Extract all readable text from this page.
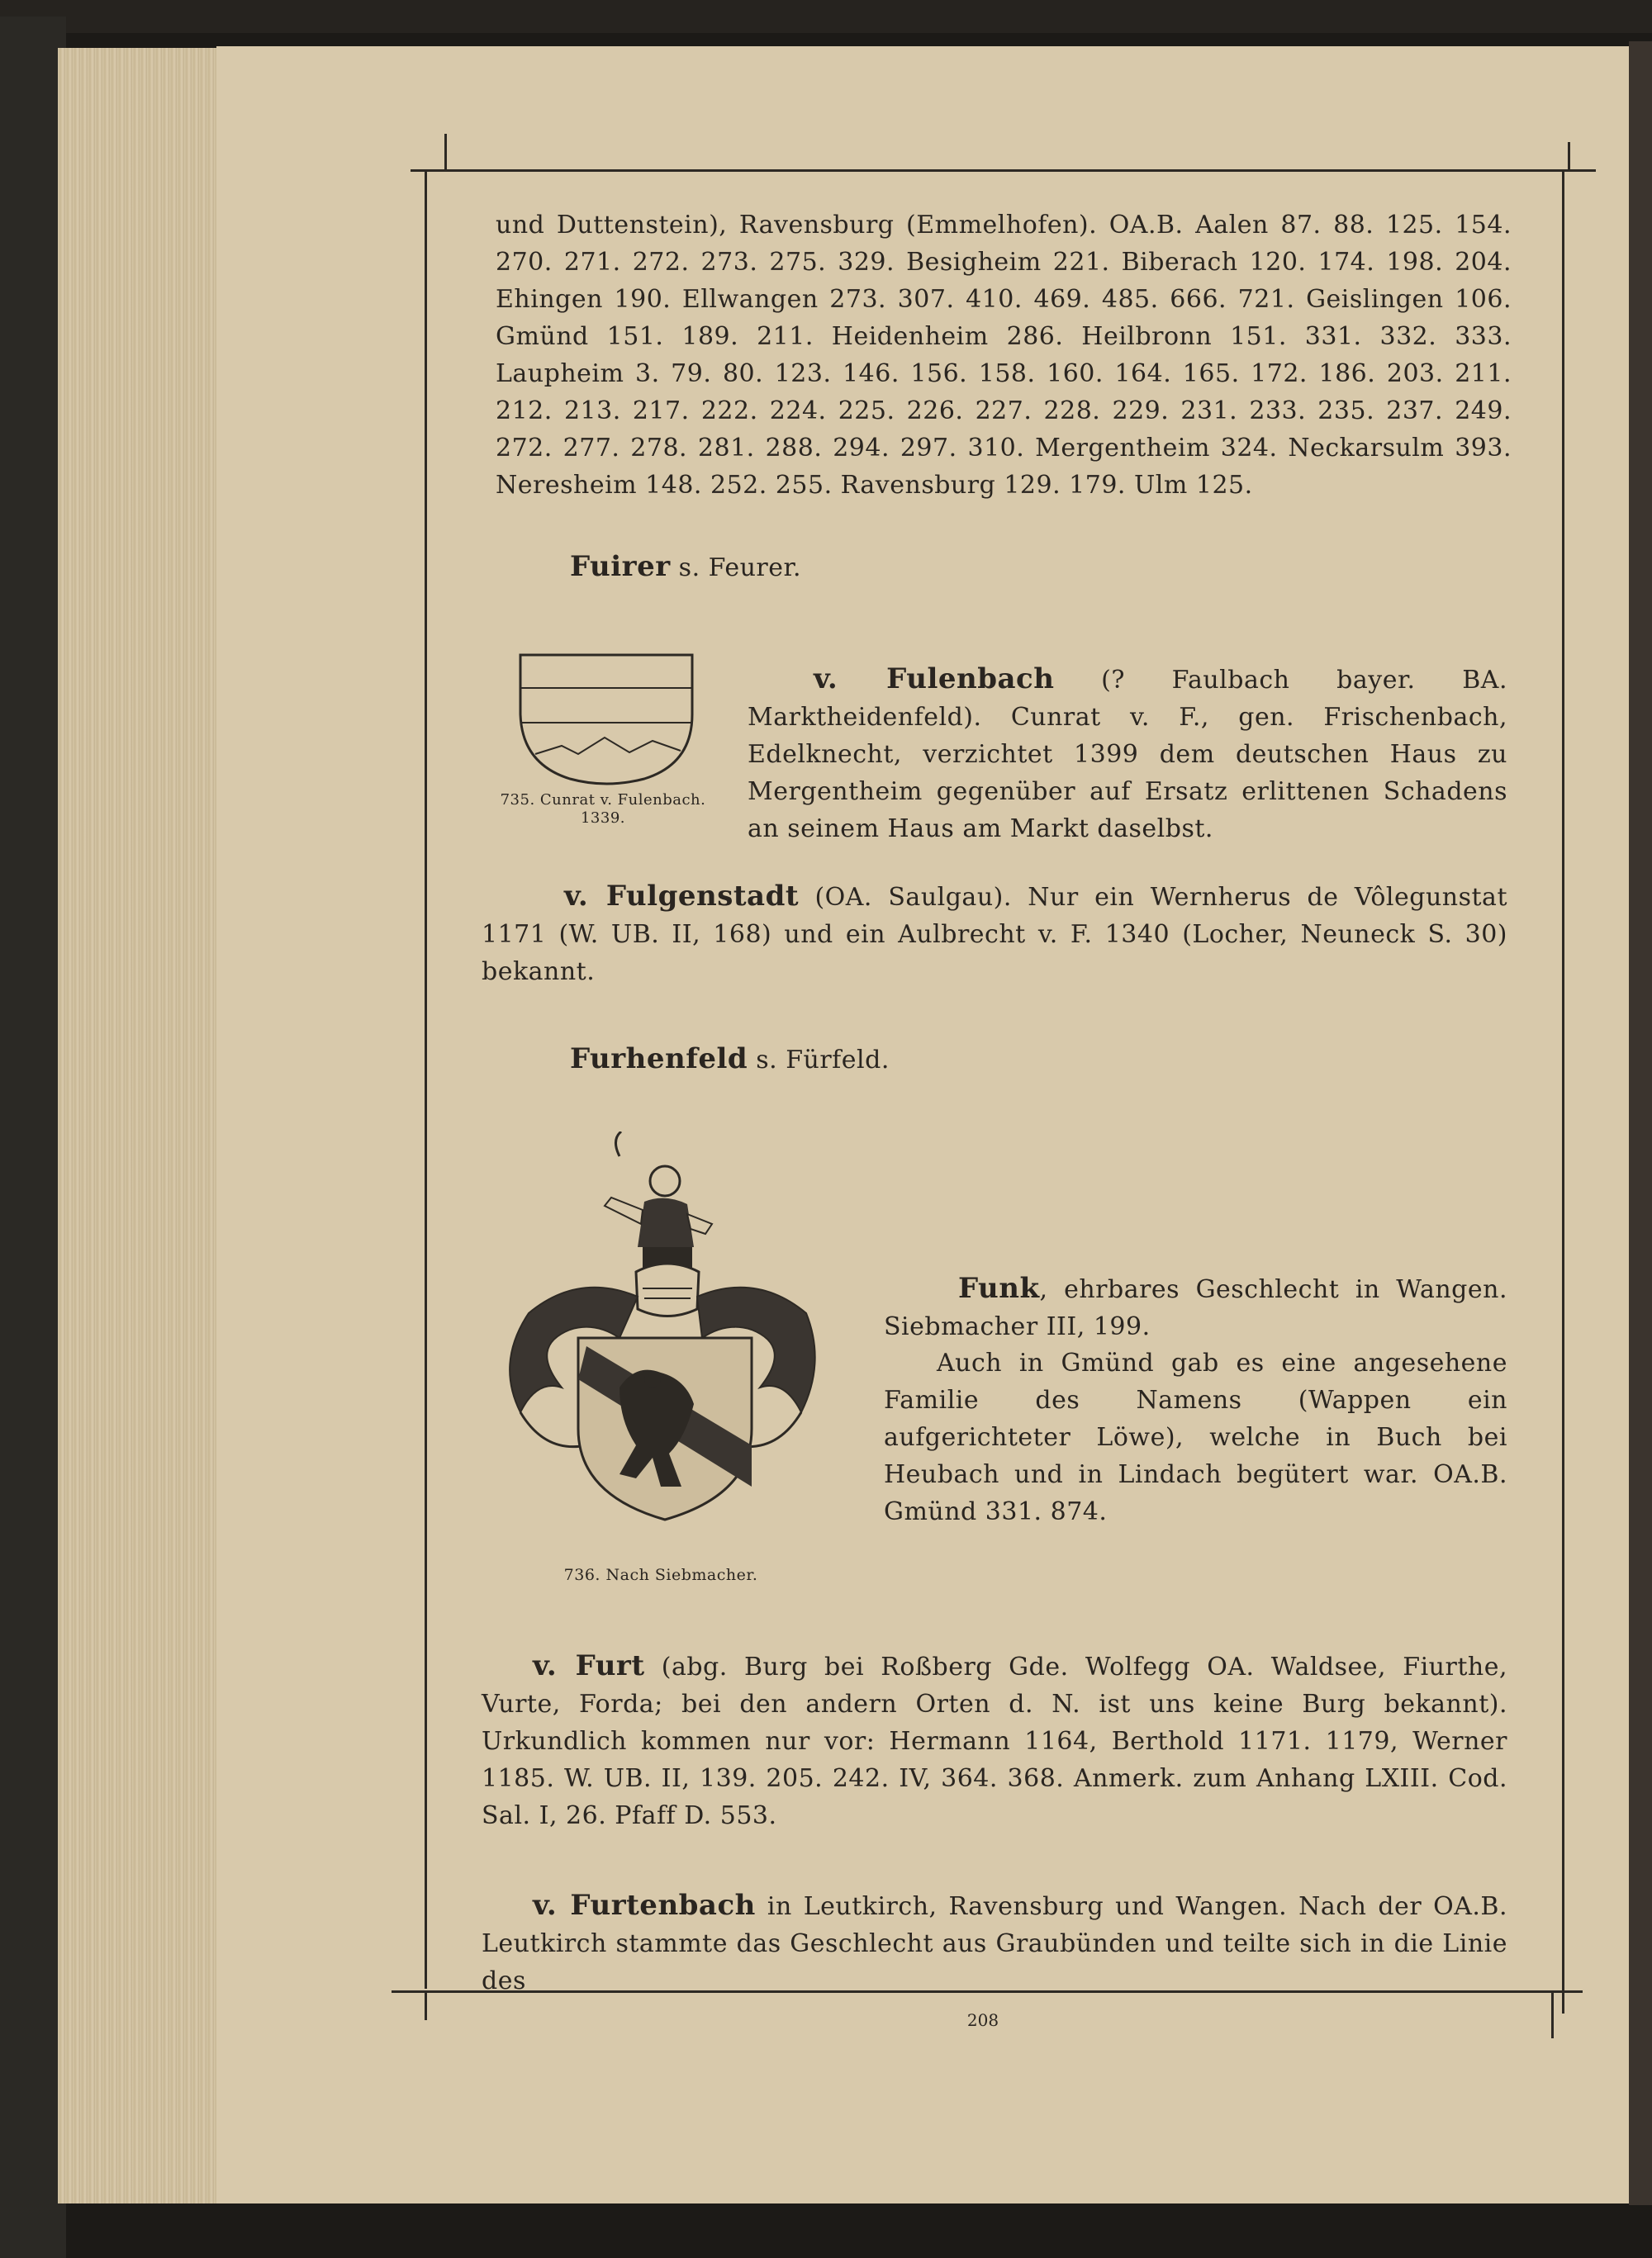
und Duttenstein), Ravensburg (Emmelhofen). OA.B. Aalen 87. 88. 125. 154. 270. 271. 272. 273. 275. 329. Besigheim 221. Biberach 120. 174. 198. 204. Ehingen 190. Ellwangen 273. 307. 410. 469. 485. 666. 721. Geislingen 106. Gmünd 151. 189. 211. Heidenheim 286. Heilbronn 151. 331. 332. 333. Laupheim 3. 79. 80. 123. 146. 156. 158. 160. 164. 165. 172. 186. 203. 211. 212. 213. 217. 222. 224. 225. 226. 227. 228. 229. 231. 233. 235. 237. 249. 272. 277. 278. 281. 288. 294. 297. 310. Mergentheim 324. Neckarsulm 393. Neresheim 148. 252. 255. Ravensburg 129. 179. Ulm 125.
Fuirer s. Feurer.
735. Cunrat v. Fulenbach. 1339.
v. Fulenbach (? Faulbach bayer. BA. Marktheidenfeld). Cunrat v. F., gen. Frischenbach, Edelknecht, verzichtet 1399 dem deutschen Haus zu Mergentheim gegenüber auf Ersatz erlittenen Schadens an seinem Haus am Markt daselbst.
v. Fulgenstadt (OA. Saulgau). Nur ein Wernherus de Vôlegunstat 1171 (W. UB. II, 168) und ein Aulbrecht v. F. 1340 (Locher, Neuneck S. 30) bekannt.
Furhenfeld s. Fürfeld.
736. Nach Siebmacher.
Funk, ehrbares Geschlecht in Wangen. Siebmacher III, 199.
Auch in Gmünd gab es eine angesehene Familie des Namens (Wappen ein aufgerichteter Löwe), welche in Buch bei Heubach und in Lindach begütert war. OA.B. Gmünd 331. 874.
v. Furt (abg. Burg bei Roßberg Gde. Wolfegg OA. Waldsee, Fiurthe, Vurte, Forda; bei den andern Orten d. N. ist uns keine Burg bekannt). Urkundlich kommen nur vor: Hermann 1164, Berthold 1171. 1179, Werner 1185. W. UB. II, 139. 205. 242. IV, 364. 368. Anmerk. zum Anhang LXIII. Cod. Sal. I, 26. Pfaff D. 553.
v. Furtenbach in Leutkirch, Ravensburg und Wangen. Nach der OA.B. Leutkirch stammte das Geschlecht aus Graubünden und teilte sich in die Linie des
208
